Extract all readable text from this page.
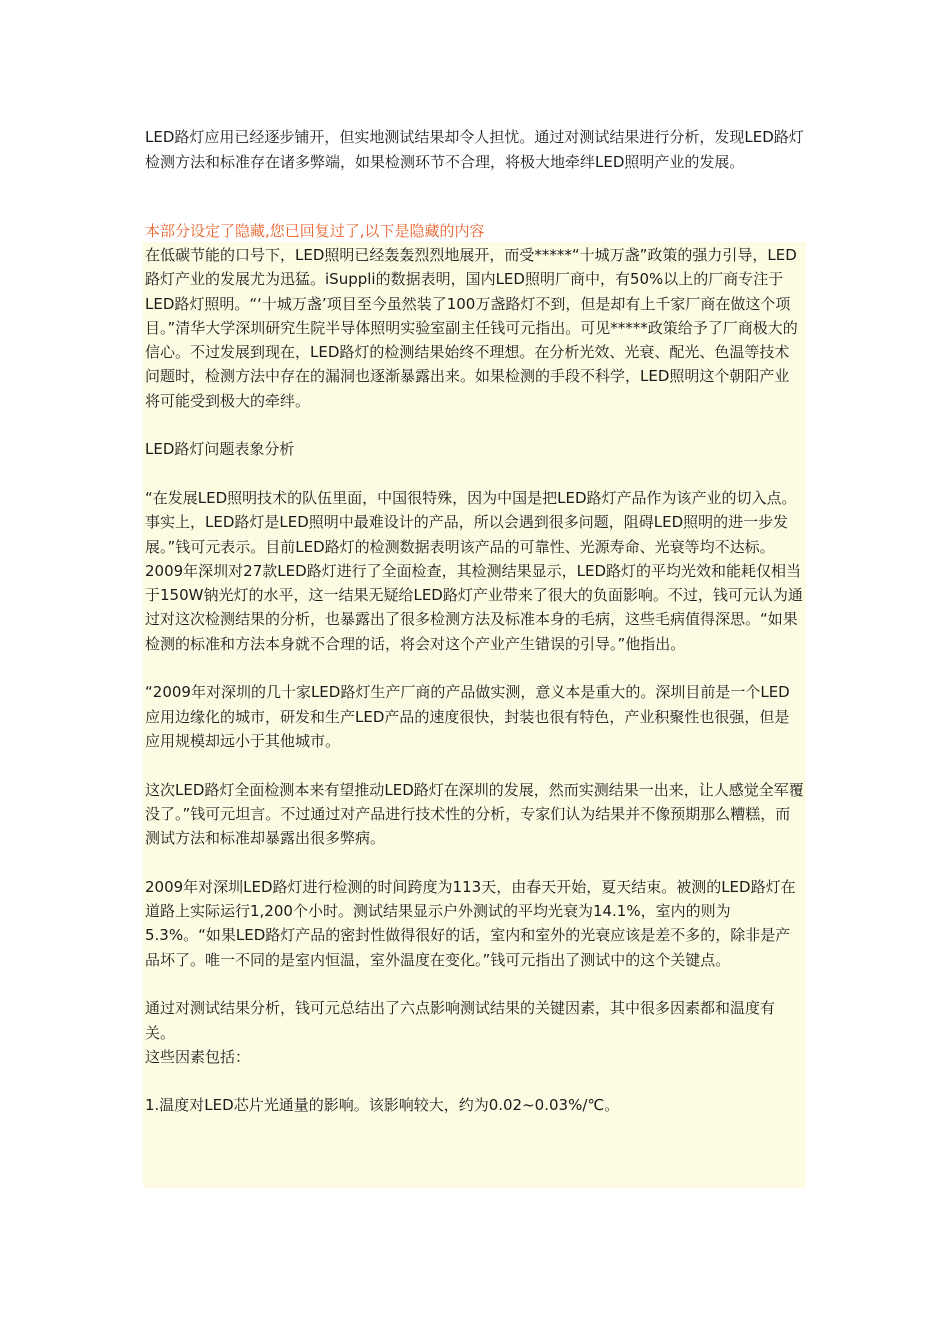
LED路灯应用已经逐步铺开，但实地测试结果却令人担忧。通过对测试结果进行分析，发现LED路灯检测方法和标准存在诸多弊端，如果检测环节不合理，将极大地牵绊LED照明产业的发展。

本部分设定了隐藏,您已回复过了,以下是隐藏的内容

在低碳节能的口号下，LED照明已经轰轰烈烈地展开，而受*****“十城万盏”政策的强力引导，LED路灯产业的发展尤为迅猛。iSuppli的数据表明，国内LED照明厂商中，有50%以上的厂商专注于LED路灯照明。“‘十城万盏’项目至今虽然装了100万盏路灯不到，但是却有上千家厂商在做这个项目。”清华大学深圳研究生院半导体照明实验室副主任钱可元指出。可见*****政策给予了厂商极大的信心。不过发展到现在，LED路灯的检测结果始终不理想。在分析光效、光衰、配光、色温等技术问题时，检测方法中存在的漏洞也逐渐暴露出来。如果检测的手段不科学，LED照明这个朝阳产业将可能受到极大的牵绊。

LED路灯问题表象分析

“在发展LED照明技术的队伍里面，中国很特殊，因为中国是把LED路灯产品作为该产业的切入点。事实上，LED路灯是LED照明中最难设计的产品，所以会遇到很多问题，阻碍LED照明的进一步发展。”钱可元表示。目前LED路灯的检测数据表明该产品的可靠性、光源寿命、光衰等均不达标。2009年深圳对27款LED路灯进行了全面检查，其检测结果显示，LED路灯的平均光效和能耗仅相当于150W钠光灯的水平，这一结果无疑给LED路灯产业带来了很大的负面影响。不过，钱可元认为通过对这次检测结果的分析，也暴露出了很多检测方法及标准本身的毛病，这些毛病值得深思。“如果检测的标准和方法本身就不合理的话，将会对这个产业产生错误的引导。”他指出。

“2009年对深圳的几十家LED路灯生产厂商的产品做实测，意义本是重大的。深圳目前是一个LED应用边缘化的城市，研发和生产LED产品的速度很快，封装也很有特色，产业积聚性也很强，但是应用规模却远小于其他城市。

这次LED路灯全面检测本来有望推动LED路灯在深圳的发展，然而实测结果一出来，让人感觉全军覆没了。”钱可元坦言。不过通过对产品进行技术性的分析，专家们认为结果并不像预期那么糟糕，而测试方法和标准却暴露出很多弊病。

2009年对深圳LED路灯进行检测的时间跨度为113天，由春天开始，夏天结束。被测的LED路灯在道路上实际运行1,200个小时。测试结果显示户外测试的平均光衰为14.1%，室内的则为5.3%。“如果LED路灯产品的密封性做得很好的话，室内和室外的光衰应该是差不多的，除非是产品坏了。唯一不同的是室内恒温，室外温度在变化。”钱可元指出了测试中的这个关键点。

通过对测试结果分析，钱可元总结出了六点影响测试结果的关键因素，其中很多因素都和温度有关。

这些因素包括：

1.温度对LED芯片光通量的影响。该影响较大，约为0.02~0.03%/℃。
